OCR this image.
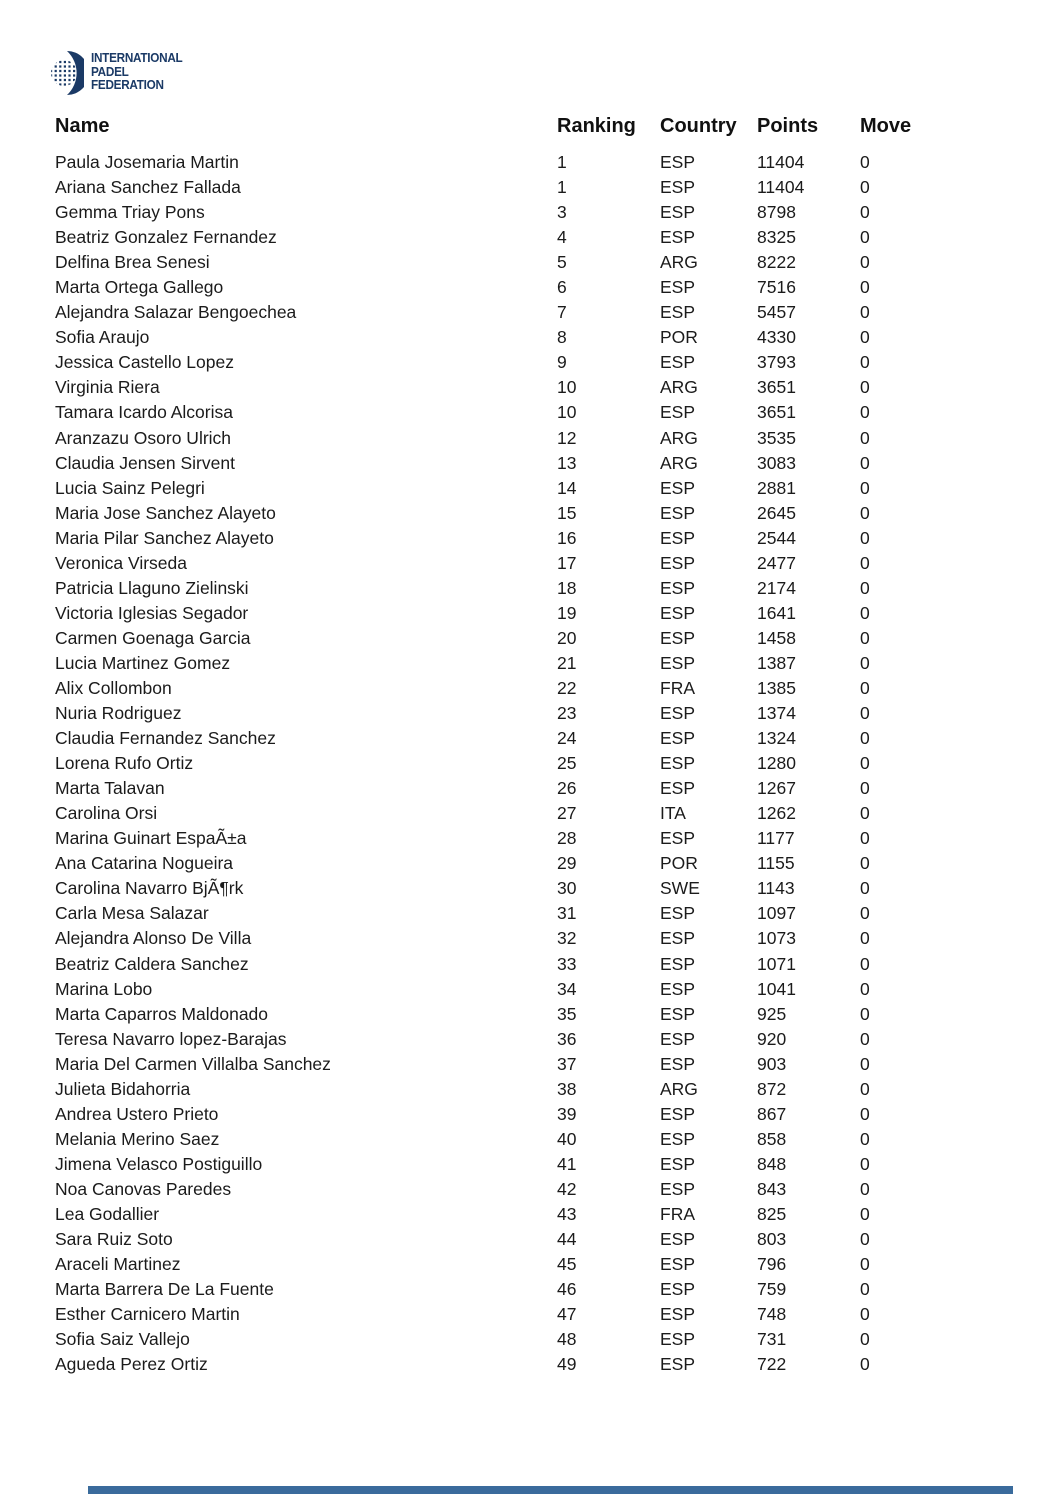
INTERNATIONAL
PADEL
FEDERATION
Name	Ranking	Country	Points	Move
Paula Josemaria Martin	1	ESP	11404	0
Ariana Sanchez Fallada	1	ESP	11404	0
Gemma Triay Pons	3	ESP	8798	0
Beatriz Gonzalez Fernandez	4	ESP	8325	0
Delfina Brea Senesi	5	ARG	8222	0
Marta Ortega Gallego	6	ESP	7516	0
Alejandra Salazar Bengoechea	7	ESP	5457	0
Sofia Araujo	8	POR	4330	0
Jessica Castello Lopez	9	ESP	3793	0
Virginia Riera	10	ARG	3651	0
Tamara Icardo Alcorisa	10	ESP	3651	0
Aranzazu Osoro Ulrich	12	ARG	3535	0
Claudia Jensen Sirvent	13	ARG	3083	0
Lucia Sainz Pelegri	14	ESP	2881	0
Maria Jose Sanchez Alayeto	15	ESP	2645	0
Maria Pilar Sanchez Alayeto	16	ESP	2544	0
Veronica Virseda	17	ESP	2477	0
Patricia Llaguno Zielinski	18	ESP	2174	0
Victoria Iglesias Segador	19	ESP	1641	0
Carmen Goenaga Garcia	20	ESP	1458	0
Lucia Martinez Gomez	21	ESP	1387	0
Alix Collombon	22	FRA	1385	0
Nuria Rodriguez	23	ESP	1374	0
Claudia Fernandez Sanchez	24	ESP	1324	0
Lorena Rufo Ortiz	25	ESP	1280	0
Marta Talavan	26	ESP	1267	0
Carolina Orsi	27	ITA	1262	0
Marina Guinart EspaÃ±a	28	ESP	1177	0
Ana Catarina Nogueira	29	POR	1155	0
Carolina Navarro BjÃ¶rk	30	SWE	1143	0
Carla Mesa Salazar	31	ESP	1097	0
Alejandra Alonso De Villa	32	ESP	1073	0
Beatriz Caldera Sanchez	33	ESP	1071	0
Marina Lobo	34	ESP	1041	0
Marta Caparros Maldonado	35	ESP	925	0
Teresa Navarro lopez-Barajas	36	ESP	920	0
Maria Del Carmen Villalba Sanchez	37	ESP	903	0
Julieta Bidahorria	38	ARG	872	0
Andrea Ustero Prieto	39	ESP	867	0
Melania Merino Saez	40	ESP	858	0
Jimena Velasco Postiguillo	41	ESP	848	0
Noa Canovas Paredes	42	ESP	843	0
Lea Godallier	43	FRA	825	0
Sara Ruiz Soto	44	ESP	803	0
Araceli Martinez	45	ESP	796	0
Marta Barrera De La Fuente	46	ESP	759	0
Esther Carnicero Martin	47	ESP	748	0
Sofia Saiz Vallejo	48	ESP	731	0
Agueda Perez Ortiz	49	ESP	722	0
